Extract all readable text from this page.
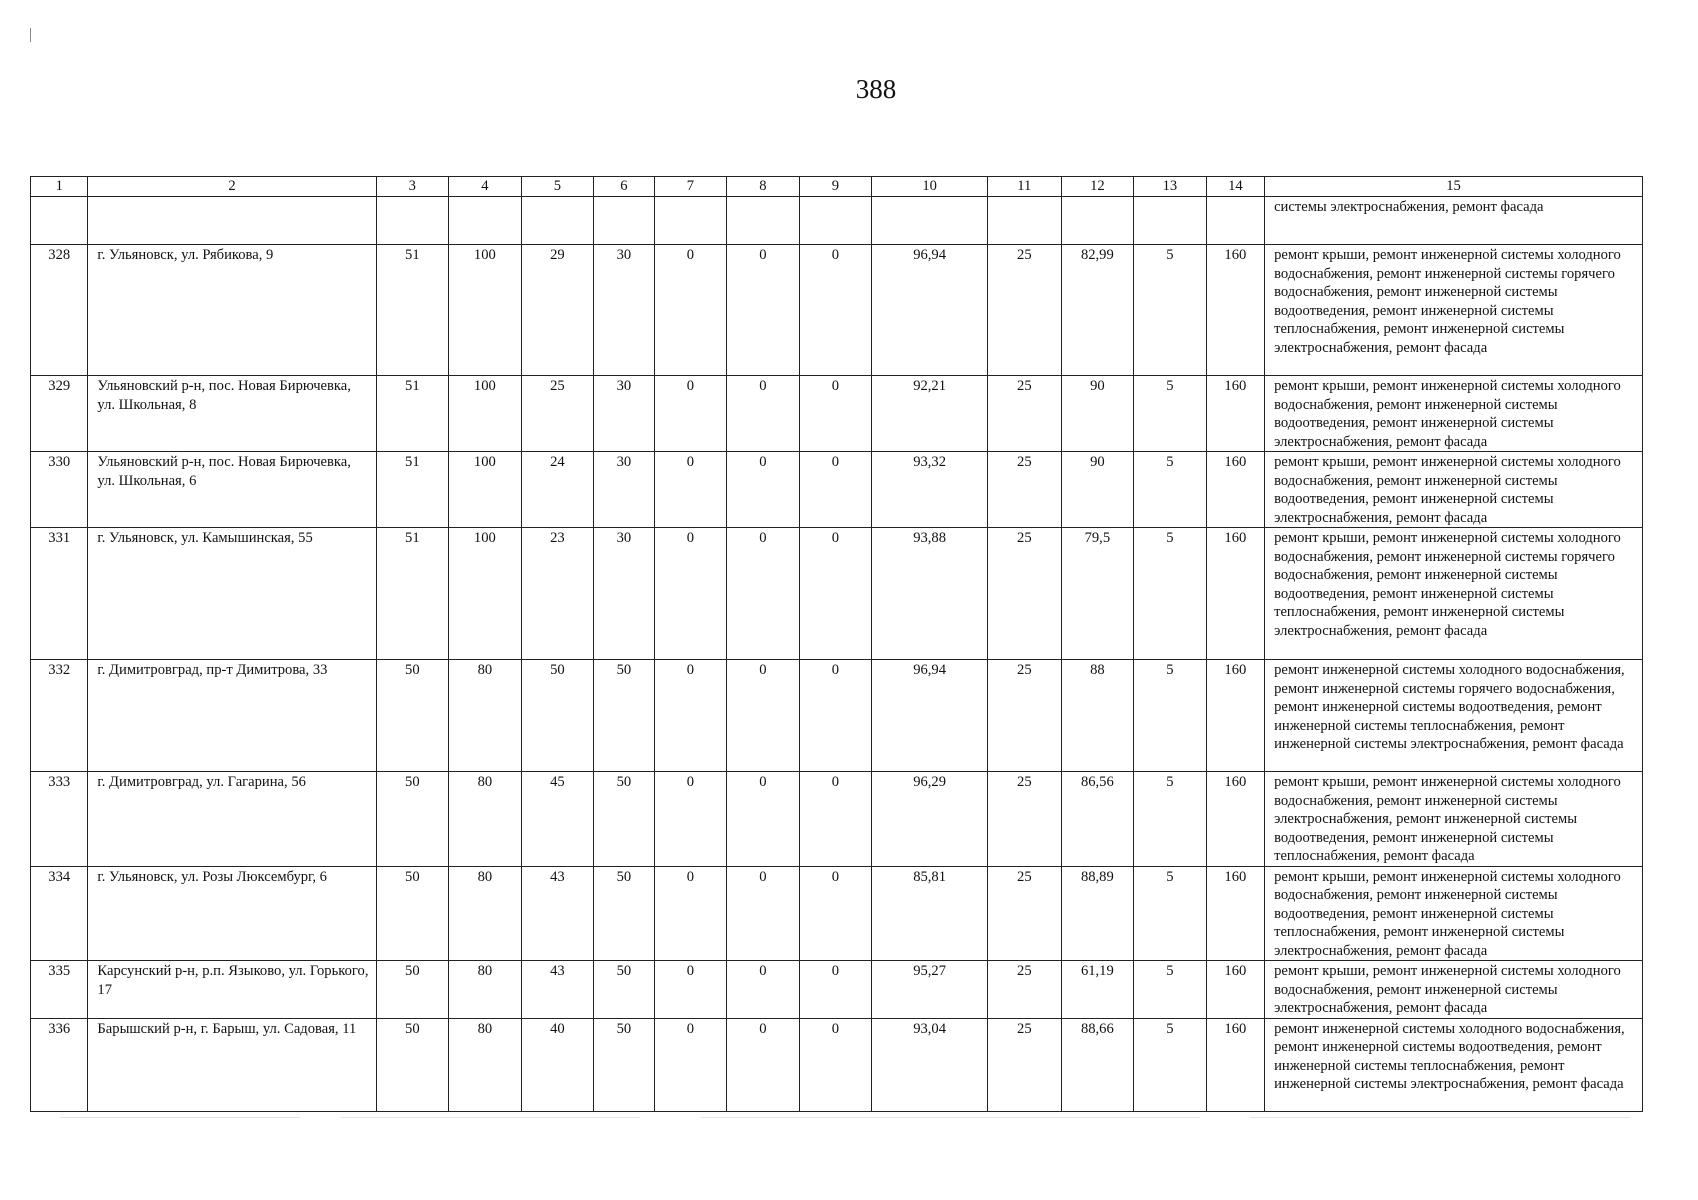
388
1	2	3	4	5	6	7	8	9	10	11	12	13	14	15
														системы электроснабжения, ремонт фасада
328	г. Ульяновск, ул. Рябикова, 9	51	100	29	30	0	0	0	96,94	25	82,99	5	160	ремонт крыши, ремонт инженерной системы холодного водоснабжения, ремонт инженерной системы горячего водоснабжения, ремонт инженерной системы водоотведения, ремонт инженерной системы теплоснабжения, ремонт инженерной системы электроснабжения, ремонт фасада
329	Ульяновский р-н, пос. Новая Бирючевка, ул. Школьная, 8	51	100	25	30	0	0	0	92,21	25	90	5	160	ремонт крыши, ремонт инженерной системы холодного водоснабжения, ремонт инженерной системы водоотведения, ремонт инженерной системы электроснабжения, ремонт фасада
330	Ульяновский р-н, пос. Новая Бирючевка, ул. Школьная, 6	51	100	24	30	0	0	0	93,32	25	90	5	160	ремонт крыши, ремонт инженерной системы холодного водоснабжения, ремонт инженерной системы водоотведения, ремонт инженерной системы электроснабжения, ремонт фасада
331	г. Ульяновск, ул. Камышинская, 55	51	100	23	30	0	0	0	93,88	25	79,5	5	160	ремонт крыши, ремонт инженерной системы холодного водоснабжения, ремонт инженерной системы горячего водоснабжения, ремонт инженерной системы водоотведения, ремонт инженерной системы теплоснабжения, ремонт инженерной системы электроснабжения, ремонт фасада
332	г. Димитровград, пр-т Димитрова, 33	50	80	50	50	0	0	0	96,94	25	88	5	160	ремонт инженерной системы холодного водоснабжения, ремонт инженерной системы горячего водоснабжения, ремонт инженерной системы водоотведения, ремонт инженерной системы теплоснабжения, ремонт инженерной системы электроснабжения, ремонт фасада
333	г. Димитровград, ул. Гагарина, 56	50	80	45	50	0	0	0	96,29	25	86,56	5	160	ремонт крыши, ремонт инженерной системы холодного водоснабжения, ремонт инженерной системы электроснабжения, ремонт инженерной системы водоотведения, ремонт инженерной системы теплоснабжения, ремонт фасада
334	г. Ульяновск, ул. Розы Люксембург, 6	50	80	43	50	0	0	0	85,81	25	88,89	5	160	ремонт крыши, ремонт инженерной системы холодного водоснабжения, ремонт инженерной системы водоотведения, ремонт инженерной системы теплоснабжения, ремонт инженерной системы электроснабжения, ремонт фасада
335	Карсунский р-н, р.п. Языково, ул. Горького, 17	50	80	43	50	0	0	0	95,27	25	61,19	5	160	ремонт крыши, ремонт инженерной системы холодного водоснабжения, ремонт инженерной системы электроснабжения, ремонт фасада
336	Барышский р-н, г. Барыш, ул. Садовая, 11	50	80	40	50	0	0	0	93,04	25	88,66	5	160	ремонт инженерной системы холодного водоснабжения, ремонт инженерной системы водоотведения, ремонт инженерной системы теплоснабжения, ремонт инженерной системы электроснабжения, ремонт фасада
